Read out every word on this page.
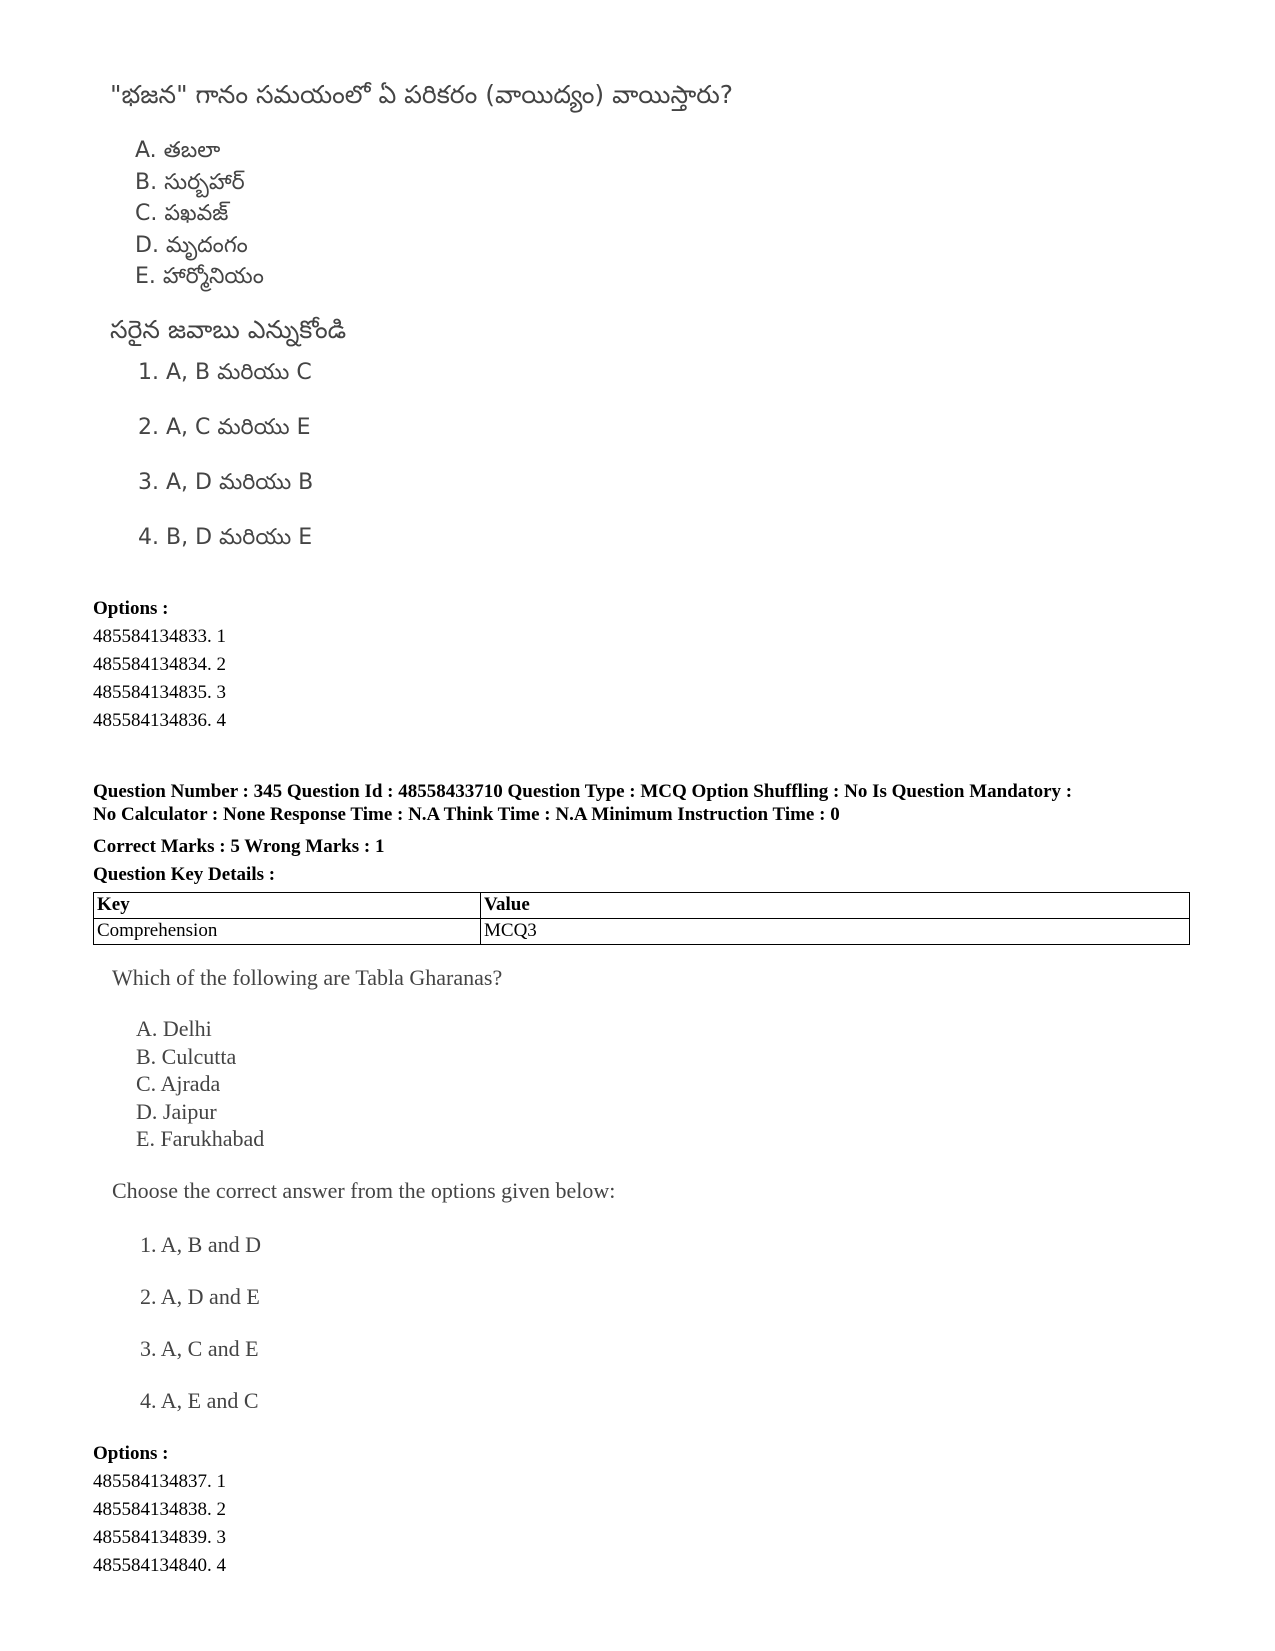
"భజన" గానం సమయంలో ఏ పరికరం (వాయిద్యం) వాయిస్తారు?
A. తబలా
B. సుర్బహార్
C. పఖవజ్
D. మృదంగం
E. హార్మోనియం
సరైన జవాబు ఎన్నుకోండి
1. A, B మరియు C
2. A, C మరియు E
3. A, D మరియు B
4. B, D మరియు E
Options :
485584134833. 1
485584134834. 2
485584134835. 3
485584134836. 4
Question Number : 345 Question Id : 48558433710 Question Type : MCQ Option Shuffling : No Is Question Mandatory :
No Calculator : None Response Time : N.A Think Time : N.A Minimum Instruction Time : 0
Correct Marks : 5 Wrong Marks : 1
Question Key Details :
Key	Value
Comprehension	MCQ3
Which of the following are Tabla Gharanas?
A. Delhi
B. Culcutta
C. Ajrada
D. Jaipur
E. Farukhabad
Choose the correct answer from the options given below:
1. A, B and D
2. A, D and E
3. A, C and E
4. A, E and C
Options :
485584134837. 1
485584134838. 2
485584134839. 3
485584134840. 4
